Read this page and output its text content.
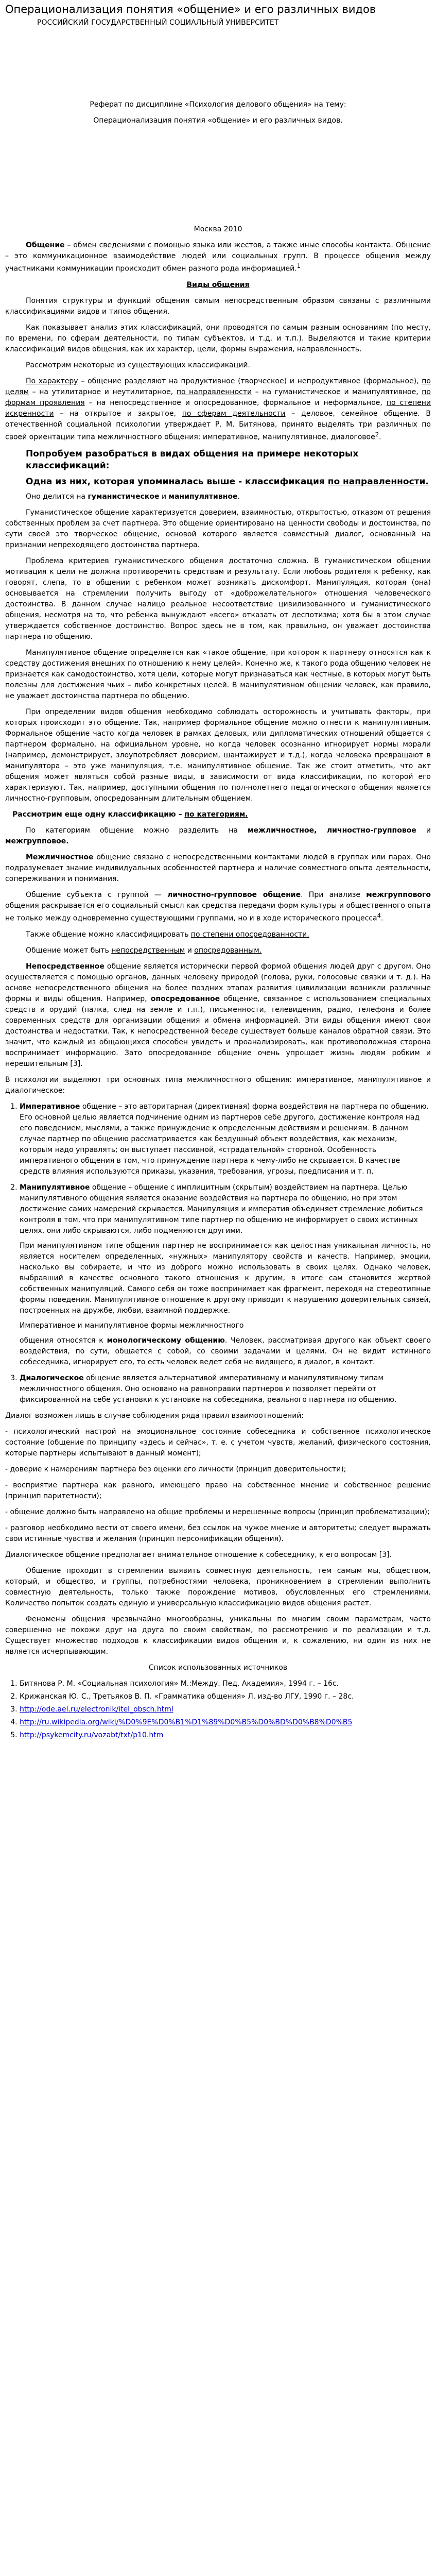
Операционализация понятия «общение» и его различных видов

РОССИЙСКИЙ ГОСУДАРСТВЕННЫЙ СОЦИАЛЬНЫЙ УНИВЕРСИТЕТ

Реферат по дисциплине «Психология делового общения» на тему:

Операционализация понятия «общение» и его различных видов.

Москва 2010

Общение – обмен сведениями с помощью языка или жестов, а также иные способы контакта. Общение – это коммуникационное взаимодействие людей или социальных групп. В процессе общения между участниками коммуникации происходит обмен разного рода информацией.$^1$

Виды общения

Понятия структуры и функций общения самым непосредственным образом связаны с различными классификациями видов и типов общения.

Как показывает анализ этих классификаций, они проводятся по самым разным основаниям (по месту, по времени, по сферам деятельности, по типам субъектов, и т.д. и т.п.). Выделяются и такие критерии классификаций видов общения, как их характер, цели, формы выражения, направленность.

Рассмотрим некоторые из существующих классификаций.

По характеру – общение разделяют на продуктивное (творческое) и непродуктивное (формальное), по целям – на утилитарное и неутилитарное, по направленности – на гуманистическое и манипулятивное, по формам проявления – на непосредственное и опосредованное, формальное и неформальное, по степени искренности – на открытое и закрытое, по сферам деятельности – деловое, семейное общение. В отечественной социальной психологии утверждает Р. М. Битянова, принято выделять три различных по своей ориентации типа межличностного общения: императивное, манипулятивное, диалоговое$^2$.

Попробуем разобраться в видах общения на примере некоторых классификаций:

Одна из них, которая упоминалась выше - классификация по направленности.

Оно делится на гуманистическое и манипулятивное.

Гуманистическое общение характеризуется доверием, взаимностью, открытостью, отказом от решения собственных проблем за счет партнера. Это общение ориентировано на ценности свободы и достоинства, по сути своей это творческое общение, основой которого является совместный диалог, основанный на признании непреходящего достоинства партнера.

Проблема критериев гуманистического общения достаточно сложна. В гуманистическом общении мотивация к цели не должна противоречить средствам и результату. Если любовь родителя к ребенку, как говорят, слепа, то в общении с ребенком может возникать дискомфорт. Манипуляция, которая (она) основывается на стремлении получить выгоду от «доброжелательного» отношения человеческого достоинства. В данном случае налицо реальное несоответствие цивилизованного и гуманистического общения, несмотря на то, что ребенка вынуждают «всего» отказать от деспотизма; хотя бы в этом случае утверждается собственное достоинство. Вопрос здесь не в том, как правильно, он уважает достоинства партнера по общению.

Манипулятивное общение определяется как «такое общение, при котором к партнеру относятся как к средству достижения внешних по отношению к нему целей». Конечно же, к такого рода общению человек не признается как самодостоинство, хотя цели, которые могут признаваться как честные, в которых могут быть полезны для достижения чьих – либо конкретных целей. В манипулятивном общении человек, как правило, не уважает достоинства партнера по общению.

При определении видов общения необходимо соблюдать осторожность и учитывать факторы, при которых происходит это общение. Так, например формальное общение можно отнести к манипулятивным. Формальное общение часто когда человек в рамках деловых, или дипломатических отношений общается с партнером формально, на официальном уровне, но когда человек осознанно игнорирует нормы морали (например, демонстрирует, злоупотребляет доверием, шантажирует и т.д.), когда человека превращают в манипулятора – это уже манипуляция, т.е. манипулятивное общение. Так же стоит отметить, что акт общения может являться собой разные виды, в зависимости от вида классификации, по которой его характеризуют. Так, например, доступными общения по пол-нолетнего педагогического общения является личностно-групповым, опосредованным длительным общением.

Рассмотрим еще одну классификацию – по категориям.

По категориям общение можно разделить на межличностное, личностно-групповое и межгрупповое.

Межличностное общение связано с непосредственными контактами людей в группах или парах. Оно подразумевает знание индивидуальных особенностей партнера и наличие совместного опыта деятельности, сопереживания и понимания.

Общение субъекта с группой — личностно-групповое общение. При анализе межгруппового общения раскрывается его социальный смысл как средства передачи форм культуры и общественного опыта не только между одновременно существующими группами, но и в ходе исторического процесса$^4$.

Также общение можно классифицировать по степени опосредованности.

Общение может быть непосредственным и опосредованным.

Непосредственное общение является исторически первой формой общения людей друг с другом. Оно осуществляется с помощью органов, данных человеку природой (голова, руки, голосовые связки и т. д.). На основе непосредственного общения на более поздних этапах развития цивилизации возникли различные формы и виды общения. Например, опосредованное общение, связанное с использованием специальных средств и орудий (палка, след на земле и т.п.), письменности, телевидения, радио, телефона и более современных средств для организации общения и обмена информацией. Эти виды общения имеют свои достоинства и недостатки. Так, к непосредственной беседе существует больше каналов обратной связи. Это значит, что каждый из общающихся способен увидеть и проанализировать, как противоположная сторона воспринимает информацию. Зато опосредованное общение очень упрощает жизнь людям робким и нерешительным [3].

В психологии выделяют три основных типа межличностного общения: императивное, манипулятивное и диалогическое:

1. Императивное общение – это авторитарная (директивная) форма воздействия на партнера по общению. Его основной целью является подчинение одним из партнеров себе другого, достижение контроля над его поведением, мыслями, а также принуждение к определенным действиям и решениям. В данном случае партнер по общению рассматривается как бездушный объект воздействия, как механизм, которым надо управлять; он выступает пассивной, «страдательной» стороной. Особенность императивного общения в том, что принуждение партнера к чему-либо не скрывается. В качестве средств влияния используются приказы, указания, требования, угрозы, предписания и т. п.
2. Манипулятивное общение – общение с имплицитным (скрытым) воздействием на партнера. Целью манипулятивного общения является оказание воздействия на партнера по общению, но при этом достижение самих намерений скрывается. Манипуляция и императив объединяет стремление добиться контроля в том, что при манипулятивном типе партнер по общению не информирует о своих истинных целях, они либо скрываются, либо подменяются другими.

При манипулятивном типе общения партнер не воспринимается как целостная уникальная личность, но является носителем определенных, «нужных» манипулятору свойств и качеств. Например, эмоции, насколько вы собираете, и что из доброго можно использовать в своих целях. Однако человек, выбравший в качестве основного такого отношения к другим, в итоге сам становится жертвой собственных манипуляций. Самого себя он тоже воспринимает как фрагмент, переходя на стереотипные формы поведения. Манипулятивное отношение к другому приводит к нарушению доверительных связей, построенных на дружбе, любви, взаимной поддержке.

Императивное и манипулятивное формы межличностного

общения относятся к монологическому общению. Человек, рассматривая другого как объект своего воздействия, по сути, общается с собой, со своими задачами и целями. Он не видит истинного собеседника, игнорирует его, то есть человек ведет себя не видящего, в диалог, в контакт.

3. Диалогическое общение является альтернативой императивному и манипулятивному типам межличностного общения. Оно основано на равноправии партнеров и позволяет перейти от фиксированной на себе установки к установке на собеседника, реального партнера по общению.

Диалог возможен лишь в случае соблюдения ряда правил взаимоотношений:

- психологический настрой на эмоциональное состояние собеседника и собственное психологическое состояние (общение по принципу «здесь и сейчас», т. е. с учетом чувств, желаний, физического состояния, которые партнеры испытывают в данный момент);

- доверие к намерениям партнера без оценки его личности (принцип доверительности);

- восприятие партнера как равного, имеющего право на собственное мнение и собственное решение (принцип паритетности);

- общение должно быть направлено на общие проблемы и нерешенные вопросы (принцип проблематизации);

- разговор необходимо вести от своего имени, без ссылок на чужое мнение и авторитеты; следует выражать свои истинные чувства и желания (принцип персонификации общения).

Диалогическое общение предполагает внимательное отношение к собеседнику, к его вопросам [3].

Общение проходит в стремлении выявить совместную деятельность, тем самым мы, обществом, который, и общество, и группы, потребностями человека, проникновением в стремлении выполнить совместную деятельность, только также порождение мотивов, обусловленных его стремлениями. Количество попыток создать единую и универсальную классификацию видов общения растет.

Феномены общения чрезвычайно многообразны, уникальны по многим своим параметрам, часто совершенно не похожи друг на друга по своим свойствам, по рассмотрению и по реализации и т.д. Существует множество подходов к классификации видов общения и, к сожалению, ни один из них не является исчерпывающим.

Список использованных источников

1. Битянова Р. М. «Социальная психология» М.:Между. Пед. Академия», 1994 г. – 16с.
2. Крижанская Ю. С., Третьяков В. П. «Грамматика общения» Л. изд-во ЛГУ, 1990 г. – 28с.
3. http://ode.ael.ru/electronik/itel_obsch.html
4. http://ru.wikipedia.org/wiki/%D0%9E%D0%B1%D1%89%D0%B5%D0%BD%D0%B8%D0%B5
5. http://psykemcity.ru/vozabt/txt/p10.htm
